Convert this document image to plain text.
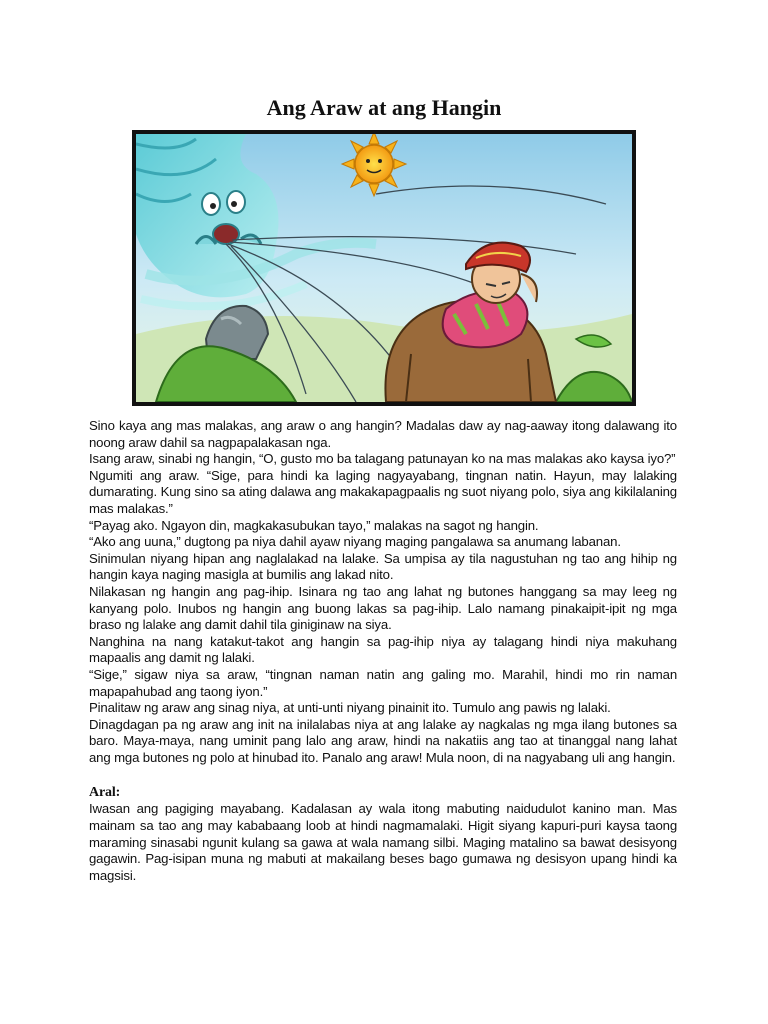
Ang Araw at ang Hangin

Sino kaya ang mas malakas, ang araw o ang hangin? Madalas daw ay nag-aaway itong dalawang ito noong araw dahil sa nagpapalakasan nga.

Isang araw, sinabi ng hangin, “O, gusto mo ba talagang patunayan ko na mas malakas ako kaysa iyo?”

Ngumiti ang araw. “Sige, para hindi ka laging nagyayabang, tingnan natin. Hayun, may lalaking dumarating. Kung sino sa ating dalawa ang makakapagpaalis ng suot niyang polo, siya ang kikilalaning mas malakas.”

“Payag ako. Ngayon din, magkakasubukan tayo,” malakas na sagot ng hangin.

“Ako ang uuna,” dugtong pa niya dahil ayaw niyang maging pangalawa sa anumang labanan.

Sinimulan niyang hipan ang naglalakad na lalake. Sa umpisa ay tila nagustuhan ng tao ang hihip ng hangin kaya naging masigla at bumilis ang lakad nito.

Nilakasan ng hangin ang pag-ihip. Isinara ng tao ang lahat ng butones hanggang sa may leeg ng kanyang polo. Inubos ng hangin ang buong lakas sa pag-ihip. Lalo namang pinakaipit-ipit ng mga braso ng lalake ang damit dahil tila giniginaw na siya.

Nanghina na nang katakut-takot ang hangin sa pag-ihip niya ay talagang hindi niya makuhang mapaalis ang damit ng lalaki.

“Sige,” sigaw niya sa araw, “tingnan naman natin ang galing mo. Marahil, hindi mo rin naman mapapahubad ang taong iyon.”

Pinalitaw ng araw ang sinag niya, at unti-unti niyang pinainit ito. Tumulo ang pawis ng lalaki.

Dinagdagan pa ng araw ang init na inilalabas niya at ang lalake ay nagkalas ng mga ilang butones sa baro. Maya-maya, nang uminit pang lalo ang araw, hindi na nakatiis ang tao at tinanggal nang lahat ang mga butones ng polo at hinubad ito. Panalo ang araw! Mula noon, di na nagyabang uli ang hangin.

Aral:

Iwasan ang pagiging mayabang. Kadalasan ay wala itong mabuting naidudulot kanino man. Mas mainam sa tao ang may kababaang loob at hindi nagmamalaki. Higit siyang kapuri-puri kaysa taong maraming sinasabi ngunit kulang sa gawa at wala namang silbi. Maging matalino sa bawat desisyong gagawin. Pag-isipan muna ng mabuti at makailang beses bago gumawa ng desisyon upang hindi ka magsisi.
